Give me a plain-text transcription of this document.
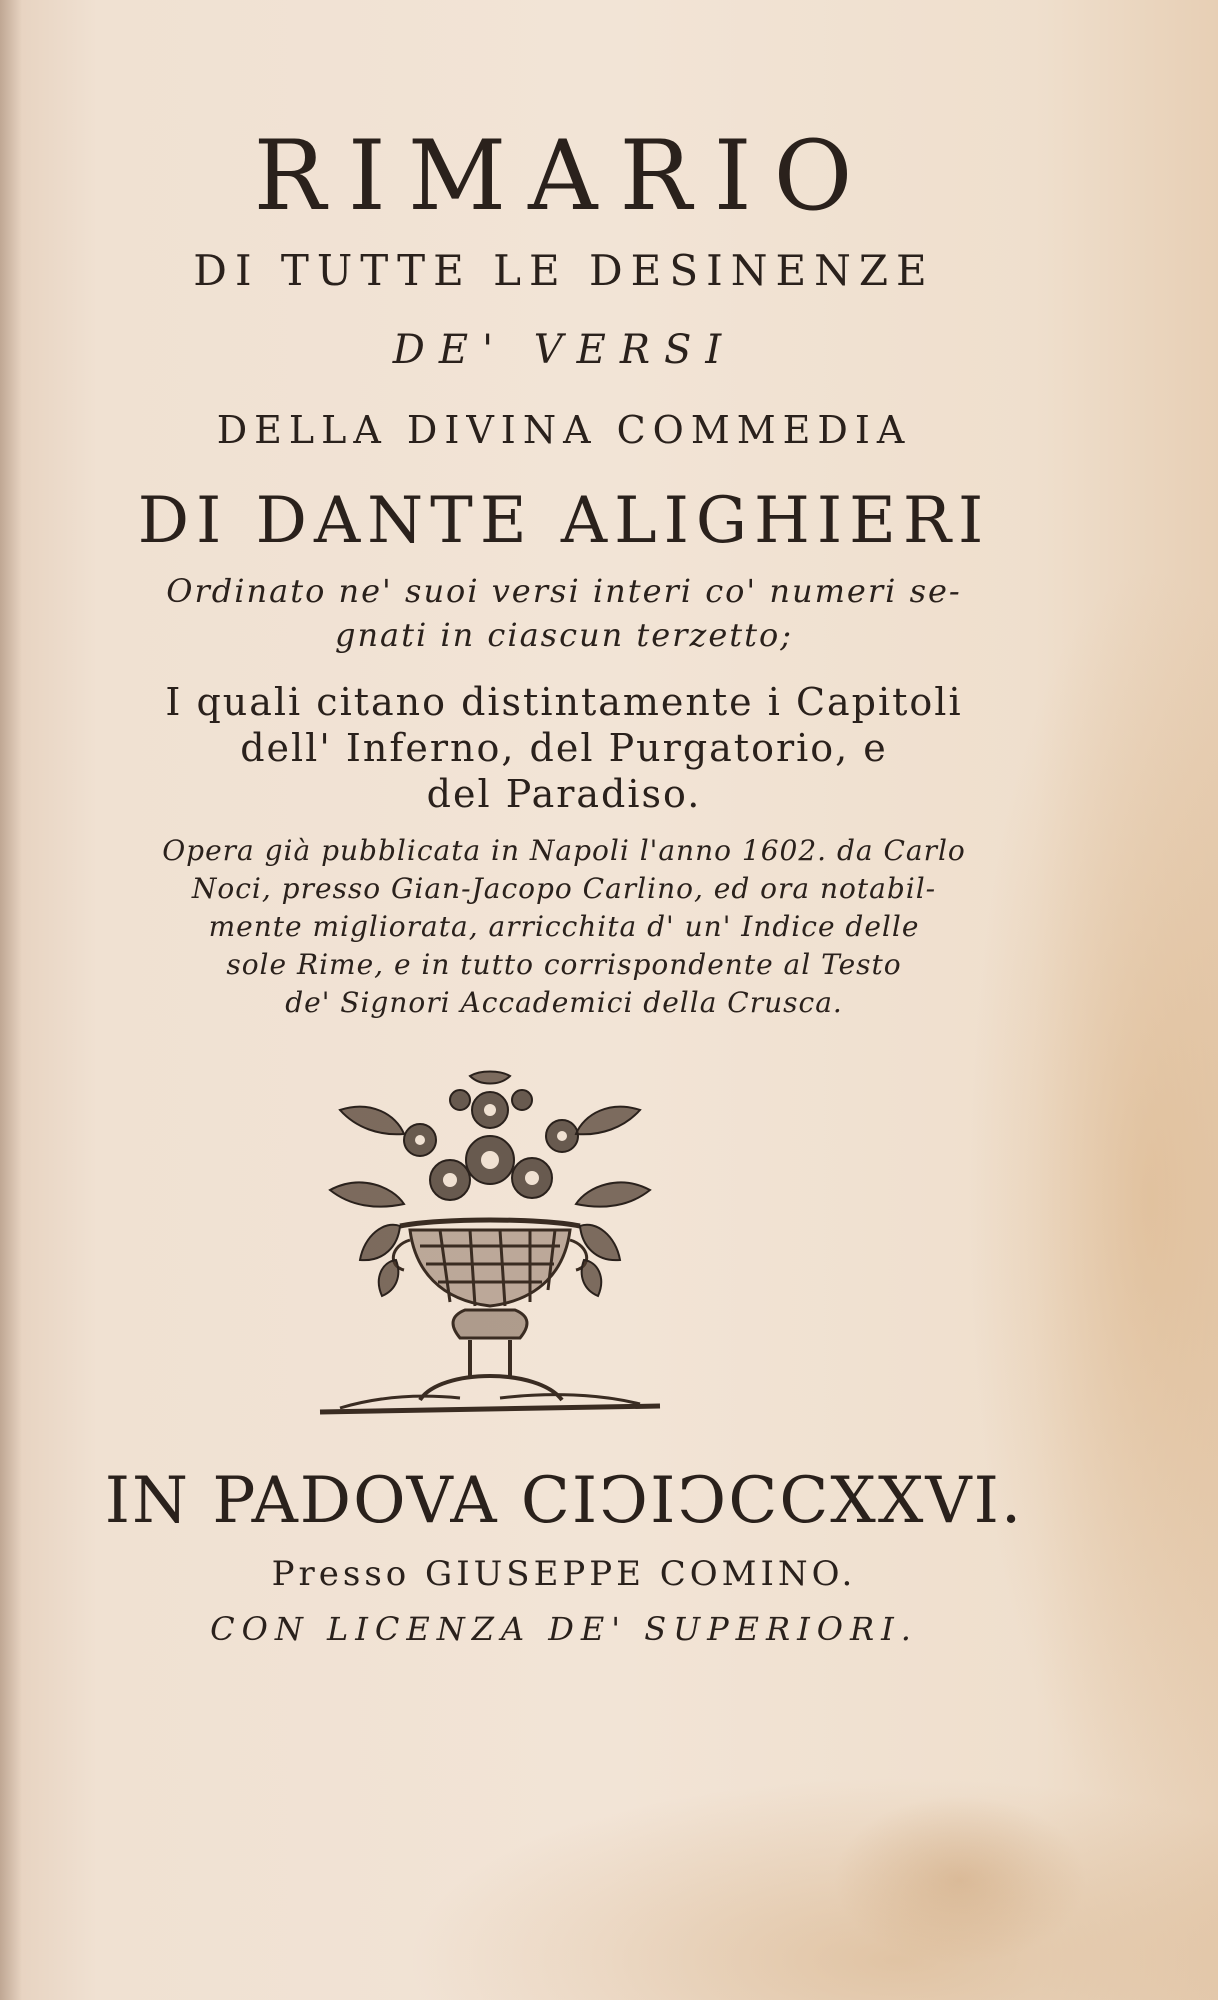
RIMARIO
DI TUTTE LE DESINENZE
DE' VERSI
DELLA DIVINA COMMEDIA
DI DANTE ALIGHIERI
Ordinato ne' suoi versi interi co' numeri se-
gnati in ciascun terzetto;
I quali citano distintamente i Capitoli
dell' Inferno, del Purgatorio, e
del Paradiso.
Opera già pubblicata in Napoli l'anno 1602. da Carlo
Noci, presso Gian-Jacopo Carlino, ed ora notabil-
mente migliorata, arricchita d' un' Indice delle
sole Rime, e in tutto corrispondente al Testo
de' Signori Accademici della Crusca.
IN PADOVA CIↃIↃCCXXVI.
Presso GIUSEPPE COMINO.
CON LICENZA DE' SUPERIORI.
